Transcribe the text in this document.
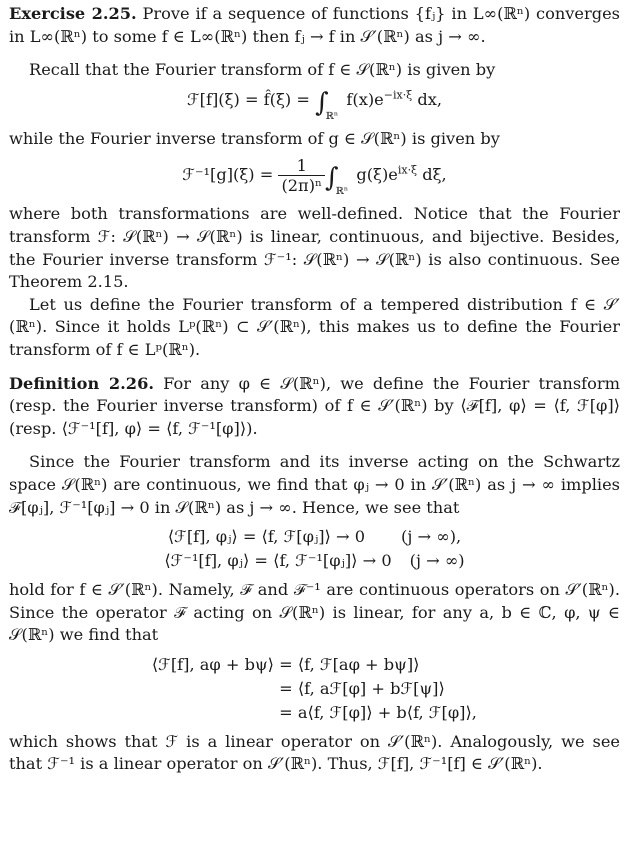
Exercise 2.25. Prove if a sequence of functions {fⱼ} in L∞(ℝⁿ) converges in L∞(ℝⁿ) to some f ∈ L∞(ℝⁿ) then fⱼ → f in 𝒮′(ℝⁿ) as j → ∞.

Recall that the Fourier transform of f ∈ 𝒮(ℝⁿ) is given by

ℱ[f](ξ) = f̂(ξ) = $\int_{ℝ^n}$ $f(x)e^{-ix\cdot\xi}$ dx,

while the Fourier inverse transform of g ∈ 𝒮(ℝⁿ) is given by

ℱ⁻¹[g](ξ) = $\frac{1}{\text{(2π)ⁿ}} \int_{ℝ^n}$ $g(\xi)e^{ix\cdot\xi}$ dξ,

where both transformations are well-defined. Notice that the Fourier transform ℱ: 𝒮(ℝⁿ) → 𝒮(ℝⁿ) is linear, continuous, and bijective. Besides, the Fourier inverse transform ℱ⁻¹: 𝒮(ℝⁿ) → 𝒮(ℝⁿ) is also continuous. See Theorem 2.15.

Let us define the Fourier transform of a tempered distribution f ∈ 𝒮′(ℝⁿ). Since it holds Lᵖ(ℝⁿ) ⊂ 𝒮′(ℝⁿ), this makes us to define the Fourier transform of f ∈ Lᵖ(ℝⁿ).

Definition 2.26. For any φ ∈ 𝒮(ℝⁿ), we define the Fourier transform (resp. the Fourier inverse transform) of f ∈ 𝒮′(ℝⁿ) by ⟨ℱ[f], φ⟩ = ⟨f, ℱ[φ]⟩ (resp. ⟨ℱ⁻¹[f], φ⟩ = ⟨f, ℱ⁻¹[φ]⟩).

Since the Fourier transform and its inverse acting on the Schwartz space 𝒮(ℝⁿ) are continuous, we find that φⱼ → 0 in 𝒮′(ℝⁿ) as j → ∞ implies ℱ[φⱼ], ℱ⁻¹[φⱼ] → 0 in 𝒮(ℝⁿ) as j → ∞. Hence, we see that

⟨ℱ[f], φⱼ⟩ = ⟨f, ℱ[φⱼ]⟩ → 0 (j → ∞),
⟨ℱ⁻¹[f], φⱼ⟩ = ⟨f, ℱ⁻¹[φⱼ]⟩ → 0 (j → ∞)

hold for f ∈ 𝒮′(ℝⁿ). Namely, ℱ and ℱ⁻¹ are continuous operators on 𝒮′(ℝⁿ). Since the operator ℱ acting on 𝒮(ℝⁿ) is linear, for any a, b ∈ ℂ, φ, ψ ∈ 𝒮(ℝⁿ) we find that

⟨ℱ[f], aφ + bψ⟩
= ⟨f, ℱ[aφ + bψ]⟩

= ⟨f, aℱ[φ] + bℱ[ψ]⟩

= a⟨f, ℱ[φ]⟩ + b⟨f, ℱ[φ]⟩,

which shows that ℱ is a linear operator on 𝒮′(ℝⁿ). Analogously, we see that ℱ⁻¹ is a linear operator on 𝒮′(ℝⁿ). Thus, ℱ[f], ℱ⁻¹[f] ∈ 𝒮′(ℝⁿ).
